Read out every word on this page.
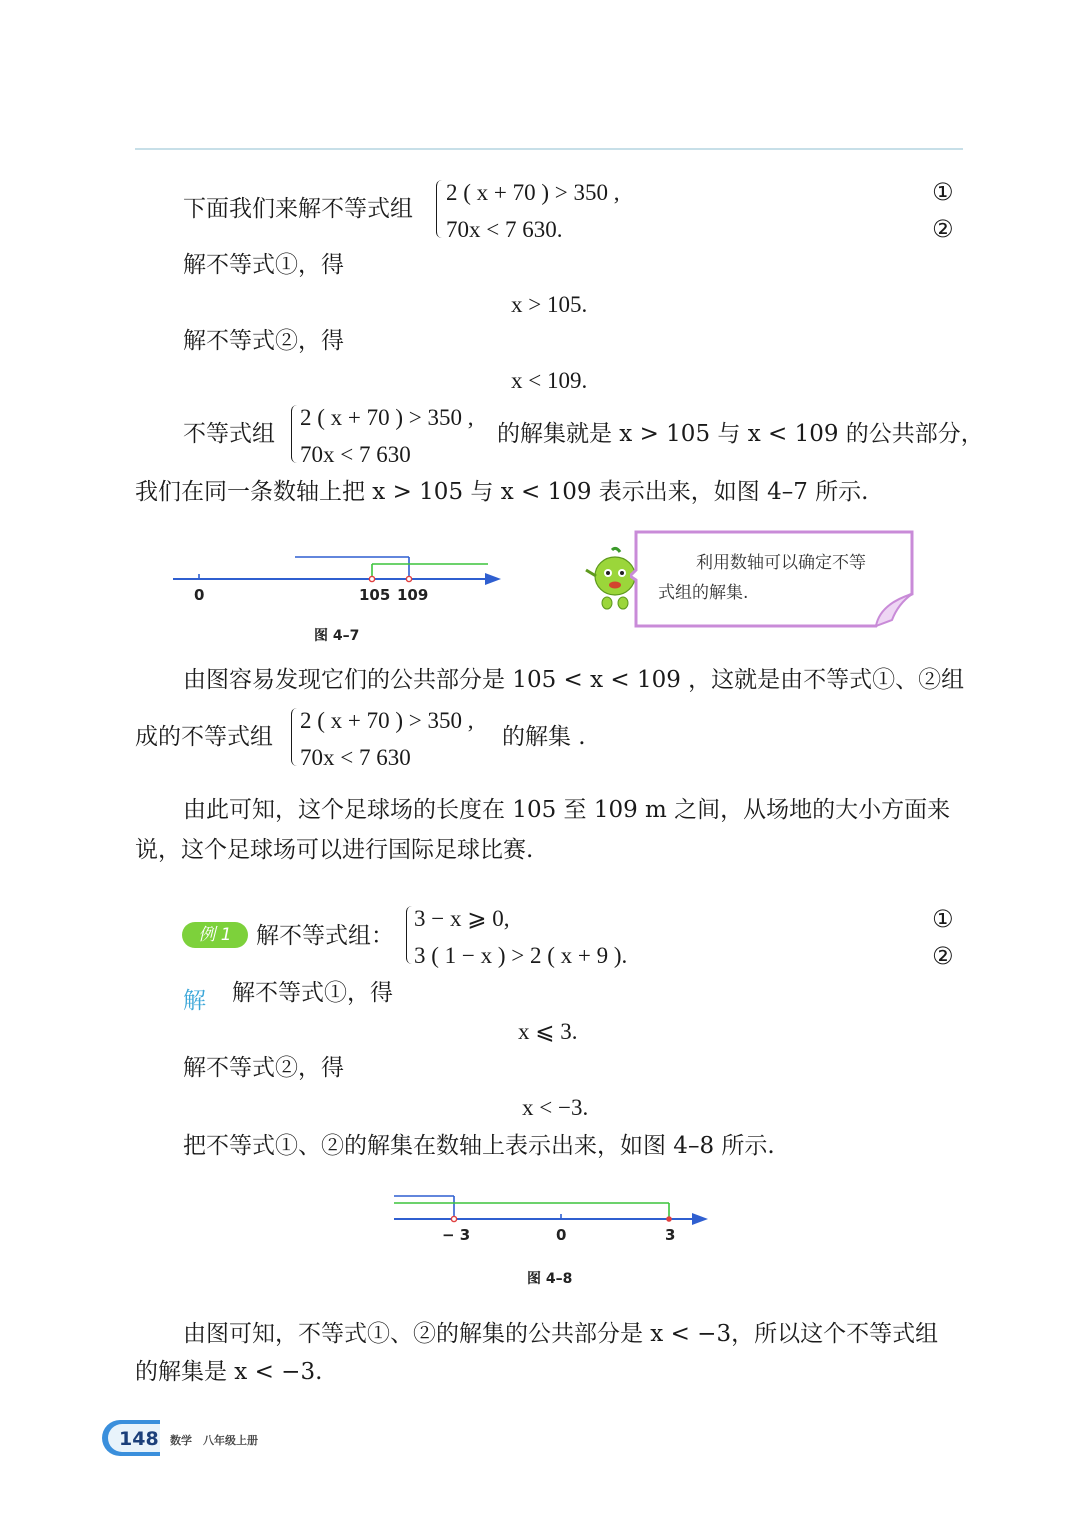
下面我们来解不等式组
2 ( x + 70 ) > 350 ,
70x < 7 630.
①
②
解不等式①，得
x > 105.
解不等式②，得
x < 109.
不等式组
2 ( x + 70 ) > 350 ,
70x < 7 630
的解集就是 x > 105 与 x < 109 的公共部分，
我们在同一条数轴上把 x > 105 与 x < 109 表示出来，如图 4–7 所示.
0	105 109
图 4–7
利用数轴可以确定不等
式组的解集.
由图容易发现它们的公共部分是 105 < x < 109 ，这就是由不等式①、②组
成的不等式组
2 ( x + 70 ) > 350 ,
70x < 7 630
的解集 .
由此可知，这个足球场的长度在 105 至 109 m 之间，从场地的大小方面来
说，这个足球场可以进行国际足球比赛.
例 1	解不等式组：
3 − x ⩾ 0,
3 ( 1 − x ) > 2 ( x + 9 ).
①
②
解 解不等式①，得
x ⩽ 3.
解不等式②，得
x < −3.
把不等式①、②的解集在数轴上表示出来，如图 4–8 所示.
− 3	0	3
图 4–8
由图可知，不等式①、②的解集的公共部分是 x < −3，所以这个不等式组
的解集是 x < −3.
148 数学　八年级上册
